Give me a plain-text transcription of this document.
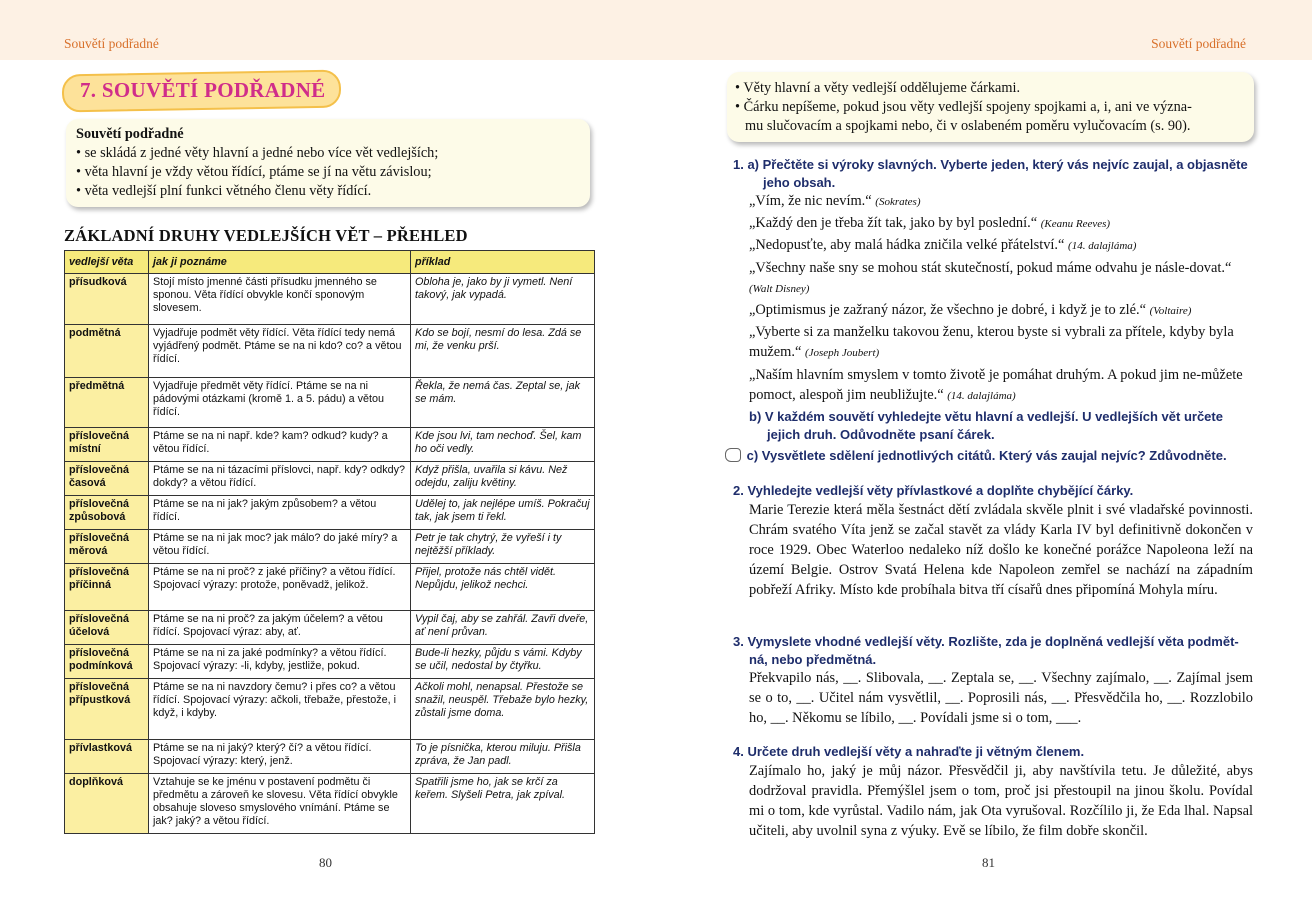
Souvětí podřadné	Souvětí podřadné
7. SOUVĚTÍ PODŘADNÉ
Souvětí podřadné
• se skládá z jedné věty hlavní a jedné nebo více vět vedlejších;
• věta hlavní je vždy větou řídící, ptáme se jí na větu závislou;
• věta vedlejší plní funkci větného členu věty řídící.
ZÁKLADNÍ DRUHY VEDLEJŠÍCH VĚT – PŘEHLED
vedlejší věta	jak ji poznáme	příklad
přísudková	Stojí místo jmenné části přísudku jmenného se sponou. Věta řídící obvykle končí sponovým slovesem.	Obloha je, jako by ji vymetl. Není takový, jak vypadá.
podmětná	Vyjadřuje podmět věty řídící. Věta řídící tedy nemá vyjádřený podmět. Ptáme se na ni kdo? co? a větou řídící.	Kdo se bojí, nesmí do lesa. Zdá se mi, že venku prší.
předmětná	Vyjadřuje předmět věty řídící. Ptáme se na ni pádovými otázkami (kromě 1. a 5. pádu) a větou řídící.	Řekla, že nemá čas. Zeptal se, jak se mám.
příslovečná místní	Ptáme se na ni např. kde? kam? odkud? kudy? a větou řídící.	Kde jsou lvi, tam nechoď. Šel, kam ho oči vedly.
příslovečná časová	Ptáme se na ni tázacími příslovci, např. kdy? odkdy? dokdy? a větou řídící.	Když přišla, uvařila si kávu. Než odejdu, zaliju květiny.
příslovečná způsobová	Ptáme se na ni jak? jakým způsobem? a větou řídící.	Udělej to, jak nejlépe umíš. Pokračuj tak, jak jsem ti řekl.
příslovečná měrová	Ptáme se na ni jak moc? jak málo? do jaké míry? a větou řídící.	Petr je tak chytrý, že vyřeší i ty nejtěžší příklady.
příslovečná příčinná	Ptáme se na ni proč? z jaké příčiny? a větou řídící. Spojovací výrazy: protože, poněvadž, jelikož.	Přijel, protože nás chtěl vidět. Nepůjdu, jelikož nechci.
příslovečná účelová	Ptáme se na ni proč? za jakým účelem? a větou řídící. Spojovací výraz: aby, ať.	Vypil čaj, aby se zahřál. Zavři dveře, ať není průvan.
příslovečná podmínková	Ptáme se na ni za jaké podmínky? a větou řídící. Spojovací výrazy: -li, kdyby, jestliže, pokud.	Bude-li hezky, půjdu s vámi. Kdyby se učil, nedostal by čtyřku.
příslovečná přípustková	Ptáme se na ni navzdory čemu? i přes co? a větou řídící. Spojovací výrazy: ačkoli, třebaže, přestože, i když, i kdyby.	Ačkoli mohl, nenapsal. Přestože se snažil, neuspěl. Třebaže bylo hezky, zůstali jsme doma.
přívlastková	Ptáme se na ni jaký? který? čí? a větou řídící. Spojovací výrazy: který, jenž.	To je písnička, kterou miluju. Přišla zpráva, že Jan padl.
doplňková	Vztahuje se ke jménu v postavení podmětu či předmětu a zároveň ke slovesu. Věta řídící obvykle obsahuje sloveso smyslového vnímání. Ptáme se jak? jaký? a větou řídící.	Spatřili jsme ho, jak se krčí za keřem. Slyšeli Petra, jak zpíval.
80
• Věty hlavní a věty vedlejší oddělujeme čárkami.
• Čárku nepíšeme, pokud jsou věty vedlejší spojeny spojkami a, i, ani ve význa-
mu slučovacím a spojkami nebo, či v oslabeném poměru vylučovacím (s. 90).
1. a) Přečtěte si výroky slavných. Vyberte jeden, který vás nejvíc zaujal, a objasněte
jeho obsah.
„Vím, že nic nevím.“ (Sokrates)
„Každý den je třeba žít tak, jako by byl poslední.“ (Keanu Reeves)
„Nedopusťte, aby malá hádka zničila velké přátelství.“ (14. dalajláma)
„Všechny naše sny se mohou stát skutečností, pokud máme odvahu je násle-dovat.“ (Walt Disney)
„Optimismus je zažraný názor, že všechno je dobré, i když je to zlé.“ (Voltaire)
„Vyberte si za manželku takovou ženu, kterou byste si vybrali za přítele, kdyby byla mužem.“ (Joseph Joubert)
„Naším hlavním smyslem v tomto životě je pomáhat druhým. A pokud jim ne-můžete pomoct, alespoň jim neubližujte.“ (14. dalajláma)
b) V každém souvětí vyhledejte větu hlavní a vedlejší. U vedlejších vět určete
jejich druh. Odůvodněte psaní čárek.
c) Vysvětlete sdělení jednotlivých citátů. Který vás zaujal nejvíc? Zdůvodněte.
2. Vyhledejte vedlejší věty přívlastkové a doplňte chybějící čárky.
Marie Terezie která měla šestnáct dětí zvládala skvěle plnit i své vladařské povinnosti. Chrám svatého Víta jenž se začal stavět za vlády Karla IV byl definitivně dokončen v roce 1929. Obec Waterloo nedaleko níž došlo ke konečné porážce Napoleona leží na území Belgie. Ostrov Svatá Helena kde Napoleon zemřel se nachází na západním pobřeží Afriky. Místo kde probíhala bitva tří císařů dnes připomíná Mohyla míru.
3. Vymyslete vhodné vedlejší věty. Rozlište, zda je doplněná vedlejší věta podmět-
ná, nebo předmětná.
Překvapilo nás, __. Slibovala, __. Zeptala se, __. Všechny zajímalo, __. Zajímal jsem se o to, __. Učitel nám vysvětlil, __. Poprosili nás, __. Přesvědčila ho, __. Rozzlobilo ho, __. Někomu se líbilo, __. Povídali jsme si o tom, ___.
4. Určete druh vedlejší věty a nahraďte ji větným členem.
Zajímalo ho, jaký je můj názor. Přesvědčil ji, aby navštívila tetu. Je důležité, abys dodržoval pravidla. Přemýšlel jsem o tom, proč jsi přestoupil na jinou školu. Povídal mi o tom, kde vyrůstal. Vadilo nám, jak Ota vyrušoval. Rozčílilo ji, že Eda lhal. Napsal učiteli, aby uvolnil syna z výuky. Evě se líbilo, že film dobře skončil.
81
